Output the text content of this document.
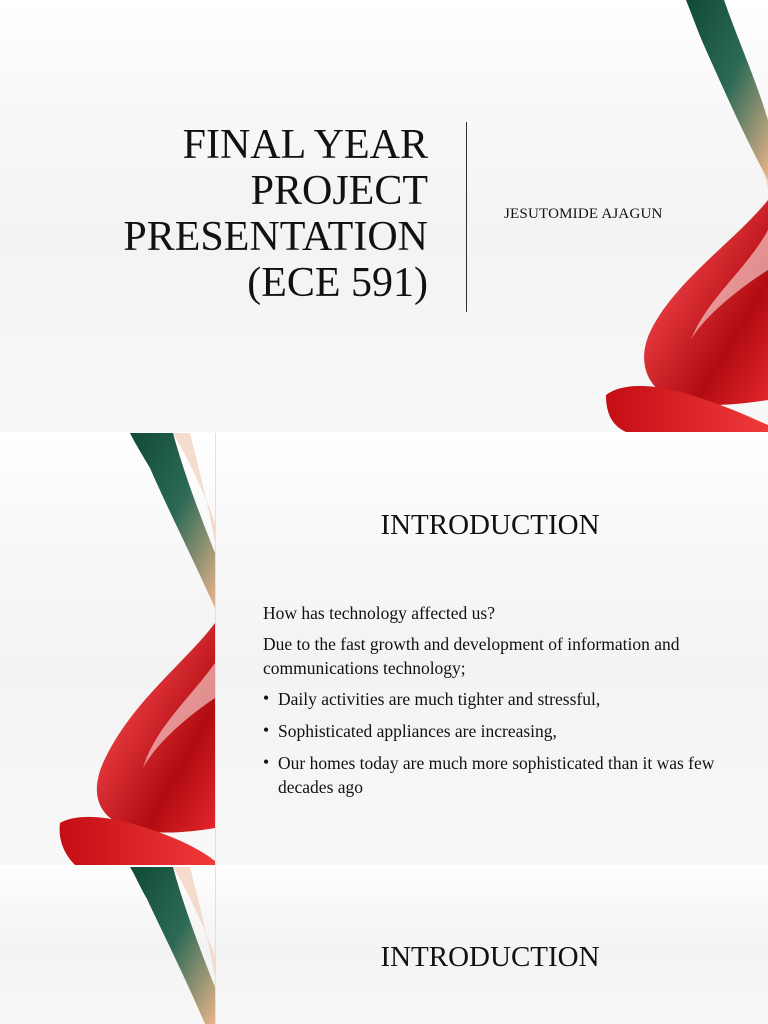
FINAL YEAR
PROJECT
PRESENTATION
(ECE 591)
JESUTOMIDE AJAGUN
INTRODUCTION

How has technology affected us?

Due to the fast growth and development of information and communications technology;

• Daily activities are much tighter and stressful,
• Sophisticated appliances are increasing,
• Our homes today are much more sophisticated than it was few decades ago
INTRODUCTION
